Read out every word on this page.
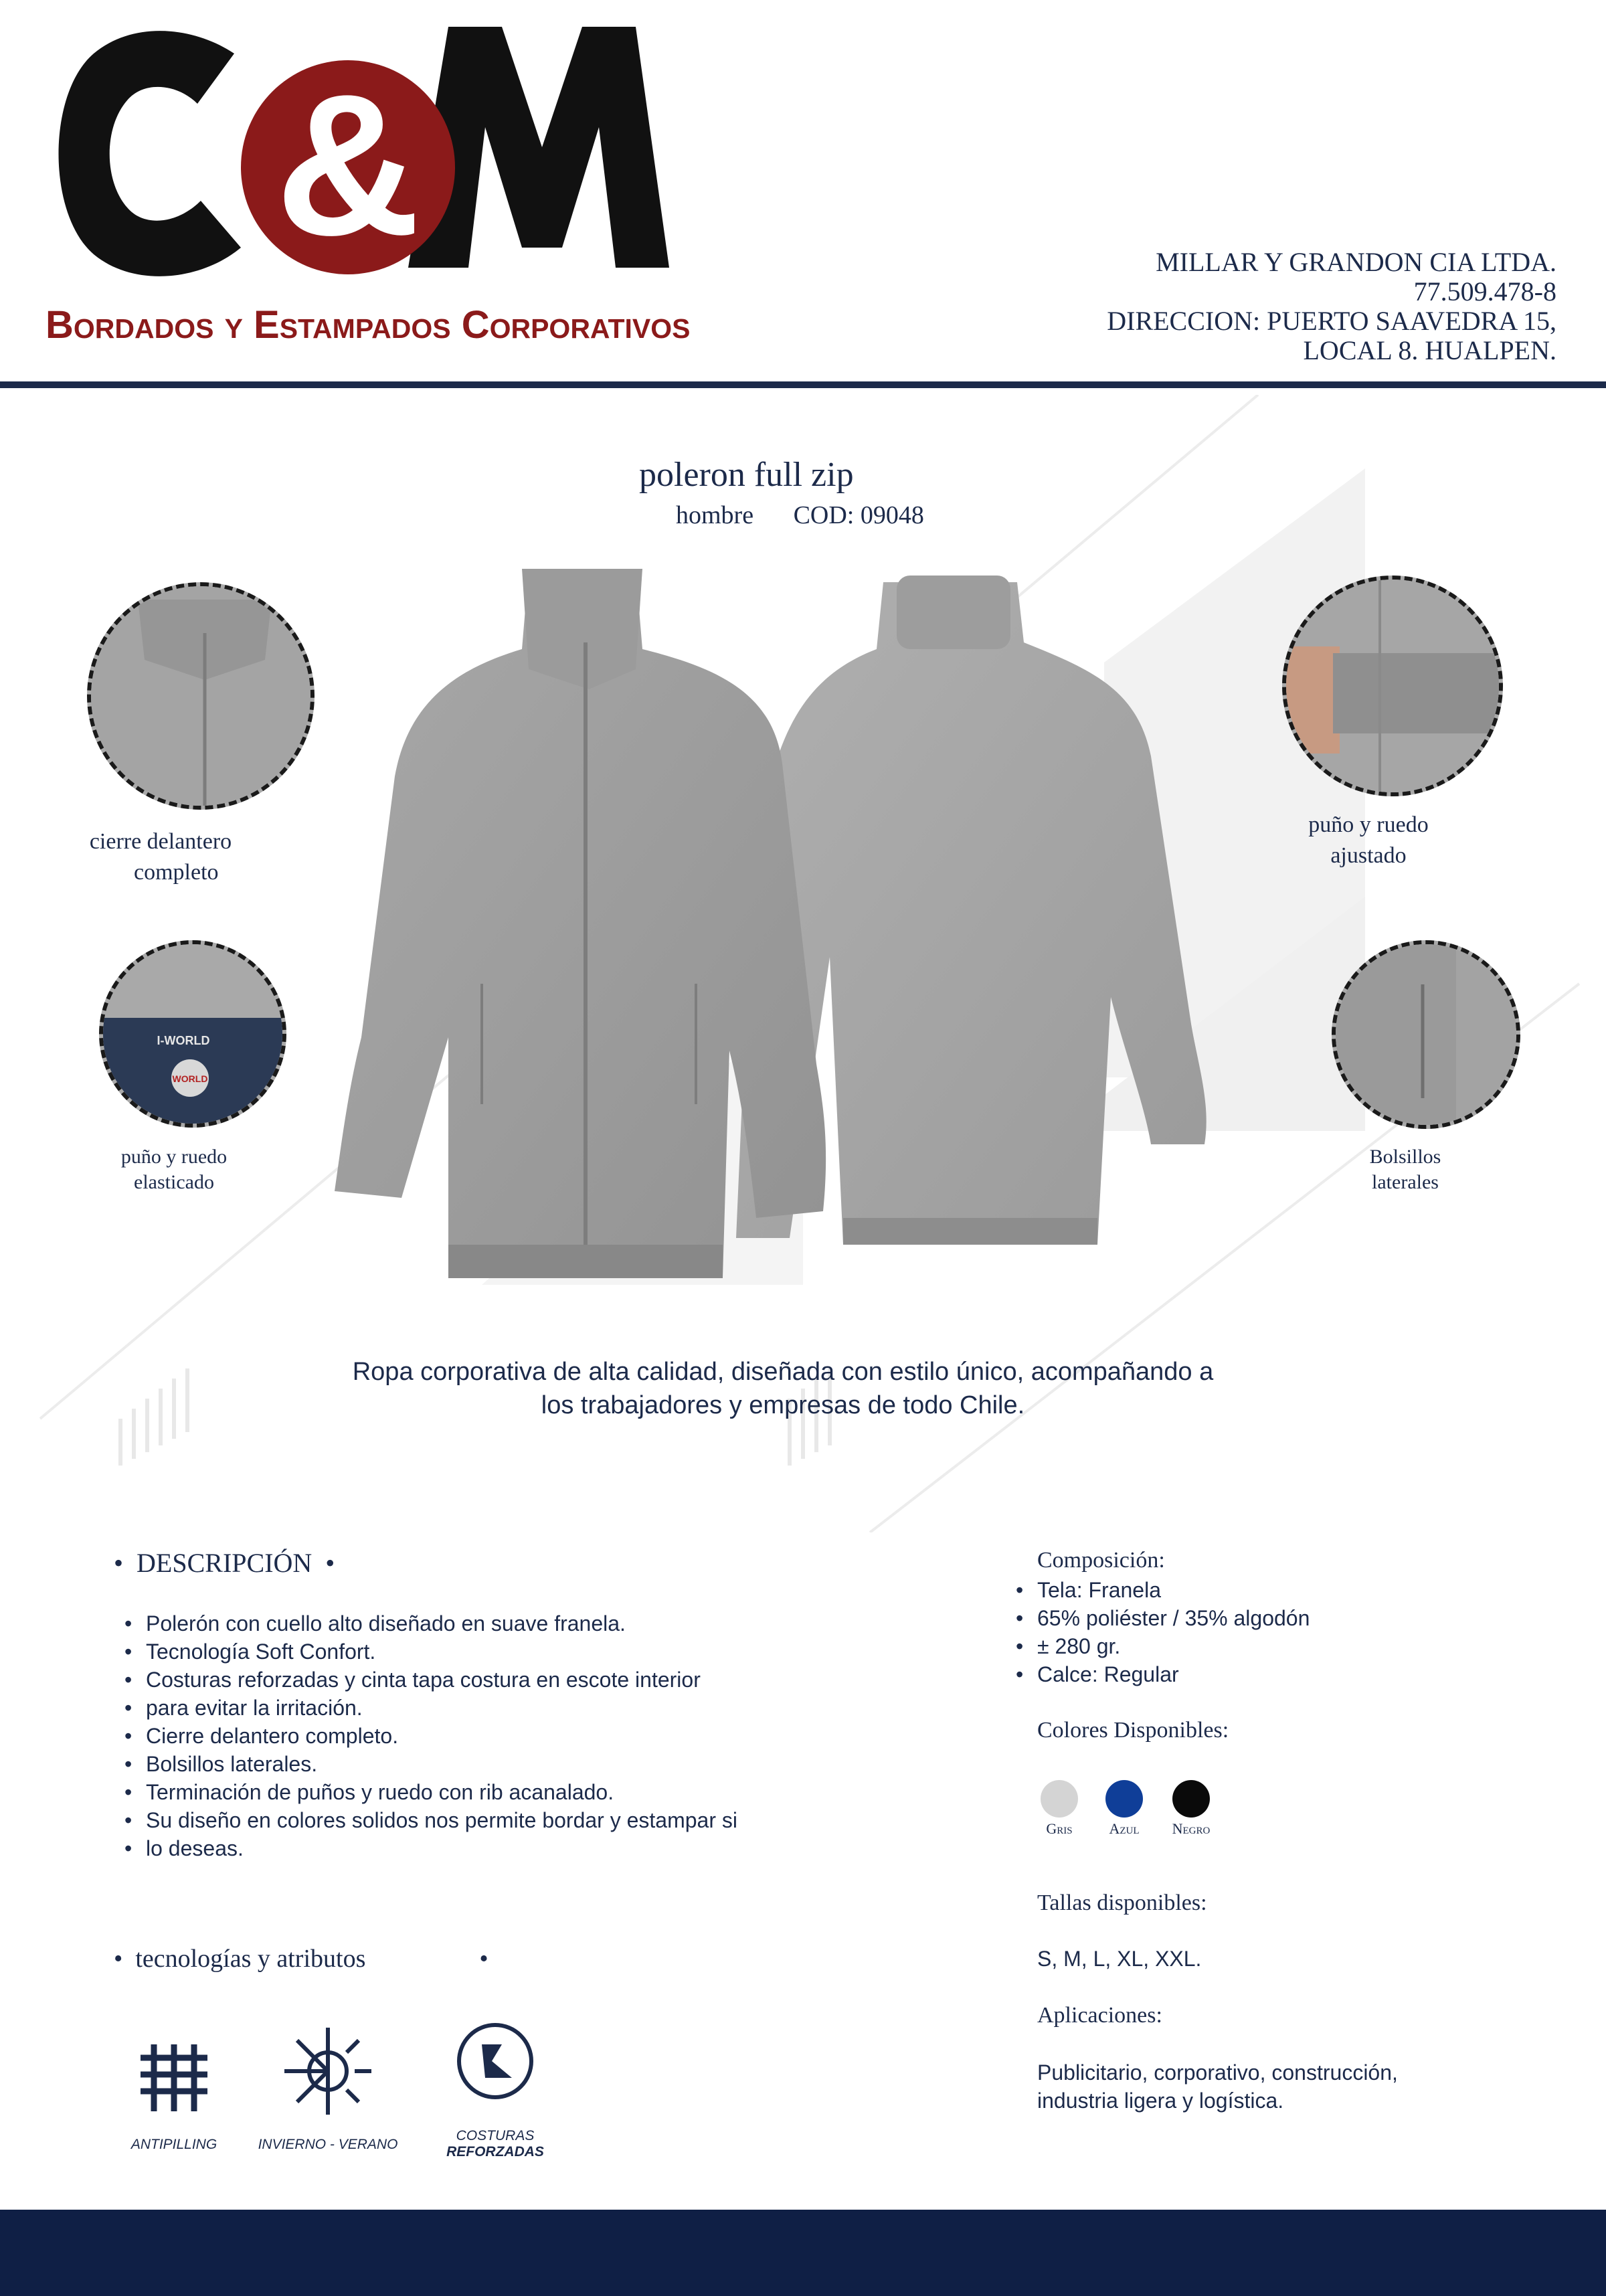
&
Bordados y Estampados Corporativos
MILLAR Y GRANDON CIA LTDA.
77.509.478-8
DIRECCION: PUERTO SAAVEDRA 15,
LOCAL 8. HUALPEN.
poleron full zip
hombre COD: 09048
cierre delantero
completo
puño y ruedo
ajustado
I-WORLD
WORLD
puño y ruedo
elasticado
Bolsillos
laterales
Ropa corporativa de alta calidad, diseñada con estilo único, acompañando a
los trabajadores y empresas de todo Chile.
•  DESCRIPCIÓN  •
• Polerón con cuello alto diseñado en suave franela.
• Tecnología Soft Confort.
• Costuras reforzadas y cinta tapa costura en escote interior
• para evitar la irritación.
• Cierre delantero completo.
• Bolsillos laterales.
• Terminación de puños y ruedo con rib acanalado.
• Su diseño en colores solidos nos permite bordar y estampar si
• lo deseas.
•  tecnologías y atributos	•
ANTIPILLING	INVIERNO - VERANO
COSTURAS
REFORZADAS
Composición:
• Tela: Franela
• 65% poliéster / 35% algodón
• ± 280 gr.
• Calce: Regular
Colores Disponibles:
Gris	Azul	Negro
Tallas disponibles:
S, M, L, XL, XXL.
Aplicaciones:
Publicitario, corporativo, construcción,
industria ligera y logística.
